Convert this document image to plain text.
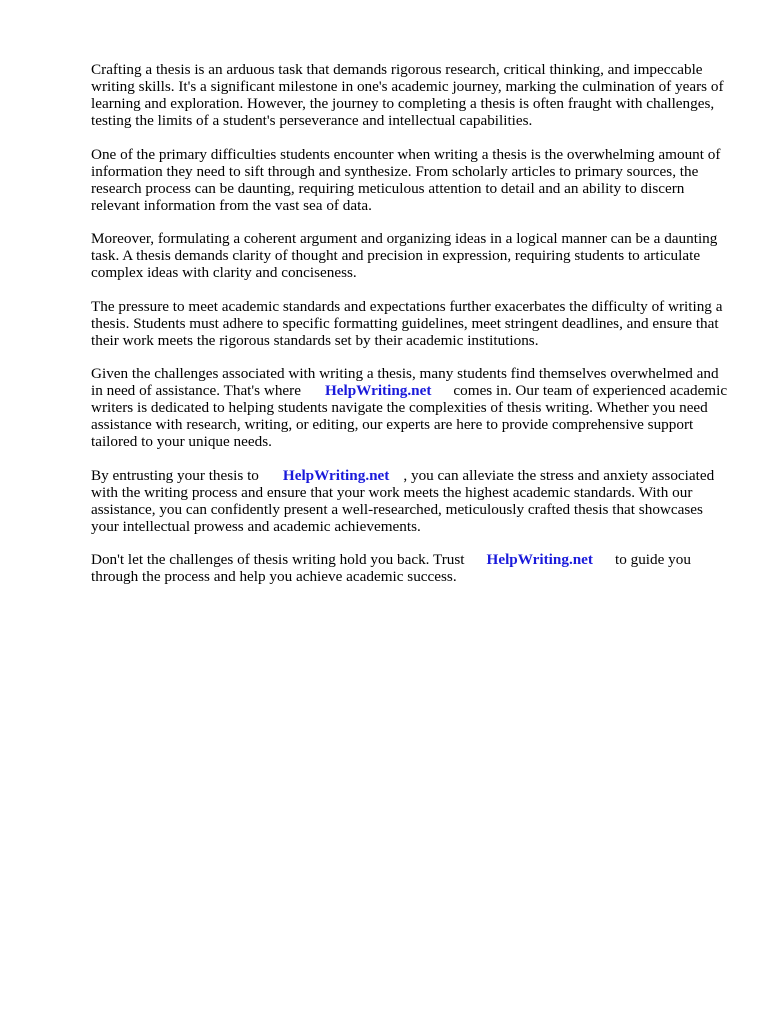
Crafting a thesis is an arduous task that demands rigorous research, critical thinking, and impeccable writing skills. It's a significant milestone in one's academic journey, marking the culmination of years of learning and exploration. However, the journey to completing a thesis is often fraught with challenges, testing the limits of a student's perseverance and intellectual capabilities.

One of the primary difficulties students encounter when writing a thesis is the overwhelming amount of information they need to sift through and synthesize. From scholarly articles to primary sources, the research process can be daunting, requiring meticulous attention to detail and an ability to discern relevant information from the vast sea of data.

Moreover, formulating a coherent argument and organizing ideas in a logical manner can be a daunting task. A thesis demands clarity of thought and precision in expression, requiring students to articulate complex ideas with clarity and conciseness.

The pressure to meet academic standards and expectations further exacerbates the difficulty of writing a thesis. Students must adhere to specific formatting guidelines, meet stringent deadlines, and ensure that their work meets the rigorous standards set by their academic institutions.

Given the challenges associated with writing a thesis, many students find themselves overwhelmed and in need of assistance. That's where HelpWriting.net comes in. Our team of experienced academic writers is dedicated to helping students navigate the complexities of thesis writing. Whether you need assistance with research, writing, or editing, our experts are here to provide comprehensive support tailored to your unique needs.

By entrusting your thesis to HelpWriting.net , you can alleviate the stress and anxiety associated with the writing process and ensure that your work meets the highest academic standards. With our assistance, you can confidently present a well-researched, meticulously crafted thesis that showcases your intellectual prowess and academic achievements.

Don't let the challenges of thesis writing hold you back. Trust HelpWriting.net to guide you through the process and help you achieve academic success.
